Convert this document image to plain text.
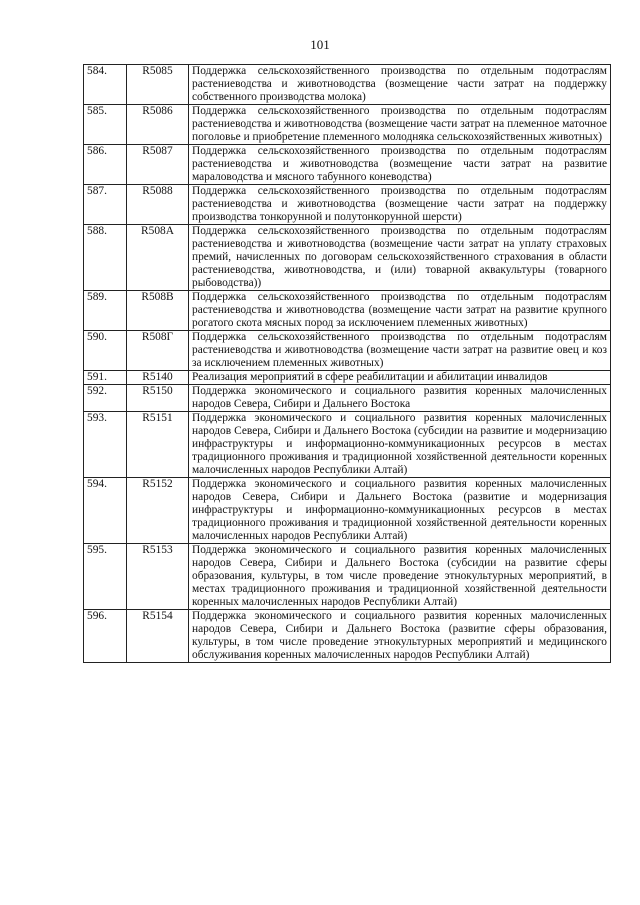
101
584.	R5085	Поддержка сельскохозяйственного производства по отдельным подотраслям растениеводства и животноводства (возмещение части затрат на поддержку собственного производства молока)
585.	R5086	Поддержка сельскохозяйственного производства по отдельным подотраслям растениеводства и животноводства (возмещение части затрат на племенное маточное поголовье и приобретение племенного молодняка сельскохозяйственных животных)
586.	R5087	Поддержка сельскохозяйственного производства по отдельным подотраслям растениеводства и животноводства (возмещение части затрат на развитие мараловодства и мясного табунного коневодства)
587.	R5088	Поддержка сельскохозяйственного производства по отдельным подотраслям растениеводства и животноводства (возмещение части затрат на поддержку производства тонкорунной и полутонкорунной шерсти)
588.	R508А	Поддержка сельскохозяйственного производства по отдельным подотраслям растениеводства и животноводства (возмещение части затрат на уплату страховых премий, начисленных по договорам сельскохозяйственного страхования в области растениеводства, животноводства, и (или) товарной аквакультуры (товарного рыбоводства))
589.	R508В	Поддержка сельскохозяйственного производства по отдельным подотраслям растениеводства и животноводства (возмещение части затрат на развитие крупного рогатого скота мясных пород за исключением племенных животных)
590.	R508Г	Поддержка сельскохозяйственного производства по отдельным подотраслям растениеводства и животноводства (возмещение части затрат на развитие овец и коз за исключением племенных животных)
591.	R5140	Реализация мероприятий в сфере реабилитации и абилитации инвалидов
592.	R5150	Поддержка экономического и социального развития коренных малочисленных народов Севера, Сибири и Дальнего Востока
593.	R5151	Поддержка экономического и социального развития коренных малочисленных народов Севера, Сибири и Дальнего Востока (субсидии на развитие и модернизацию инфраструктуры и информационно-коммуникационных ресурсов в местах традиционного проживания и традиционной хозяйственной деятельности коренных малочисленных народов Республики Алтай)
594.	R5152	Поддержка экономического и социального развития коренных малочисленных народов Севера, Сибири и Дальнего Востока (развитие и модернизация инфраструктуры и информационно-коммуникационных ресурсов в местах традиционного проживания и традиционной хозяйственной деятельности коренных малочисленных народов Республики Алтай)
595.	R5153	Поддержка экономического и социального развития коренных малочисленных народов Севера, Сибири и Дальнего Востока (субсидии на развитие сферы образования, культуры, в том числе проведение этнокультурных мероприятий, в местах традиционного проживания и традиционной хозяйственной деятельности коренных малочисленных народов Республики Алтай)
596.	R5154	Поддержка экономического и социального развития коренных малочисленных народов Севера, Сибири и Дальнего Востока (развитие сферы образования, культуры, в том числе проведение этнокультурных мероприятий и медицинского обслуживания коренных малочисленных народов Республики Алтай)
